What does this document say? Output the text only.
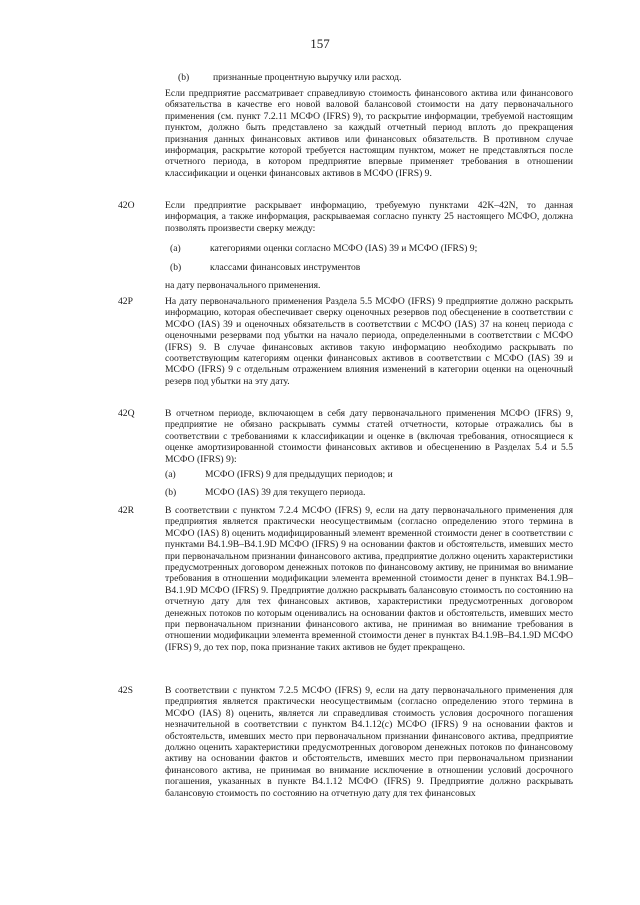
157
(b) признанные процентную выручку или расход.

Если предприятие рассматривает справедливую стоимость финансового актива или финансового обязательства в качестве его новой валовой балансовой стоимости на дату первоначального применения (см. пункт 7.2.11 МСФО (IFRS) 9), то раскрытие информации, требуемой настоящим пунктом, должно быть представлено за каждый отчетный период вплоть до прекращения признания данных финансовых активов или финансовых обязательств. В противном случае информация, раскрытие которой требуется настоящим пунктом, может не представляться после отчетного периода, в котором предприятие впервые применяет требования в отношении классификации и оценки финансовых активов в МСФО (IFRS) 9.

42O	Если предприятие раскрывает информацию, требуемую пунктами 42K–42N, то данная информация, а также информация, раскрываемая согласно пункту 25 настоящего МСФО, должна позволять произвести сверку между:

(a)	категориями оценки согласно МСФО (IAS) 39 и МСФО (IFRS) 9;
(b)	классами финансовых инструментов
на дату первоначального применения.
42P	На дату первоначального применения Раздела 5.5 МСФО (IFRS) 9 предприятие должно раскрыть информацию, которая обеспечивает сверку оценочных резервов под обесценение в соответствии с МСФО (IAS) 39 и оценочных обязательств в соответствии с МСФО (IAS) 37 на конец периода с оценочными резервами под убытки на начало периода, определенными в соответствии с МСФО (IFRS) 9. В случае финансовых активов такую информацию необходимо раскрывать по соответствующим категориям оценки финансовых активов в соответствии с МСФО (IAS) 39 и МСФО (IFRS) 9 с отдельным отражением влияния изменений в категории оценки на оценочный резерв под убытки на эту дату.

42Q	В отчетном периоде, включающем в себя дату первоначального применения МСФО (IFRS) 9, предприятие не обязано раскрывать суммы статей отчетности, которые отражались бы в соответствии с требованиями к классификации и оценке в (включая требования, относящиеся к оценке амортизированной стоимости финансовых активов и обесценению в Разделах 5.4 и 5.5 МСФО (IFRS) 9):

(a)	МСФО (IFRS) 9 для предыдущих периодов; и
(b)	МСФО (IAS) 39 для текущего периода.
42R	В соответствии с пунктом 7.2.4 МСФО (IFRS) 9, если на дату первоначального применения для предприятия является практически неосуществимым (согласно определению этого термина в МСФО (IAS) 8) оценить модифицированный элемент временной стоимости денег в соответствии с пунктами B4.1.9B–B4.1.9D МСФО (IFRS) 9 на основании фактов и обстоятельств, имевших место при первоначальном признании финансового актива, предприятие должно оценить характеристики предусмотренных договором денежных потоков по финансовому активу, не принимая во внимание требования в отношении модификации элемента временной стоимости денег в пунктах B4.1.9B–B4.1.9D МСФО (IFRS) 9. Предприятие должно раскрывать балансовую стоимость по состоянию на отчетную дату для тех финансовых активов, характеристики предусмотренных договором денежных потоков по которым оценивались на основании фактов и обстоятельств, имевших место при первоначальном признании финансового актива, не принимая во внимание требования в отношении модификации элемента временной стоимости денег в пунктах B4.1.9B–B4.1.9D МСФО (IFRS) 9, до тех пор, пока признание таких активов не будет прекращено.

42S	В соответствии с пунктом 7.2.5 МСФО (IFRS) 9, если на дату первоначального применения для предприятия является практически неосуществимым (согласно определению этого термина в МСФО (IAS) 8) оценить, является ли справедливая стоимость условия досрочного погашения незначительной в соответствии с пунктом B4.1.12(c) МСФО (IFRS) 9 на основании фактов и обстоятельств, имевших место при первоначальном признании финансового актива, предприятие должно оценить характеристики предусмотренных договором денежных потоков по финансовому активу на основании фактов и обстоятельств, имевших место при первоначальном признании финансового актива, не принимая во внимание исключение в отношении условий досрочного погашения, указанных в пункте B4.1.12 МСФО (IFRS) 9. Предприятие должно раскрывать балансовую стоимость по состоянию на отчетную дату для тех финансовых
